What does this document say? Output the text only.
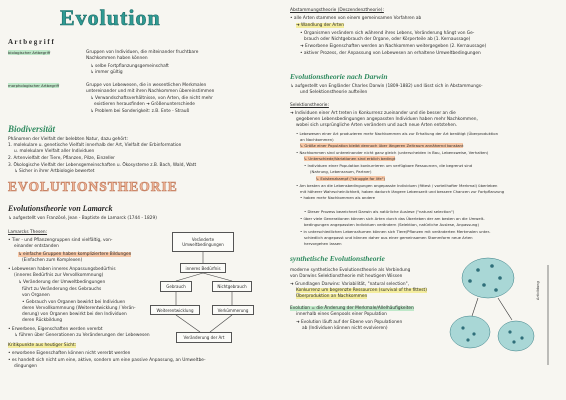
Evolution
A r t b e g r i f f
biologischer Artbegriff	Gruppen von Individuen, die miteinander fruchtbare
Nachkommen haben können
↳ selbe Fortpflanzungsgemeinschaft
↳ immer gültig
morphologischer Artbegriff	Gruppe von Lebewesen, die in wesentlichen Merkmalen
untereinander und mit ihren Nachkommen übereinstimmen
↳ Verwandschaftsverhältnisse, von Arten, die nicht mehr
existieren herausfinden ➜ Größenunterschiede
↳ Problem bei Sonderigkeit: z.B. Ente - Strauß
Biodiversität
Phänomen der Vielfalt der belebten Natur, dazu gehört:
1. molekulare u. genetische Vielfalt innerhalb der Art, Vielfalt der Erbinformation
u. molekulare Vielfalt aller Individuen
2. Artenvielfalt der Tiere, Pflanzen, Pilze, Einzeller
3. Ökologische Vielfalt der Lebensgemeinschaften u. Ökosysteme z.B. Bach, Wald, Watt
↳ Sicher in ihrer Artbiologie bewertet
EVOLUTIONSTHEORIE
Evolutionstheorie von Lamarck
↳ aufgestellt von Französé, Jean - Baptiste de Lamarck (1744 - 1829)
Lamarcks Thesen:
• Tier - und Pflanzengruppen sind vielfältig, von-
einander entstanden
↳ einfache Gruppen haben kompliziertere Bildungen
(Einfachen zum Komplexen)
• Lebewesen haben inneres Anpassungsbedürfnis
(inneres Bedürfnis zur Vervollkommnung)
↳ Veränderung der Umweltbedingungen
führt zu Veränderung des Gebrauchs
von Organen
• Gebrauch von Organen bewirkt bei Individuen
deren Vervollkommnung (Weiterentwicklung / Verän-
derung) von Organen bewirkt bei den Individuen
deren Rückbildung
• Erwerbene, Eigenschaften werden vererbt
↳ führen über Generationen zu Veränderungen der Lebewesen
Kritikpunkte aus heutiger Sicht:
• erworbene Eigenschaften können nicht vererbt werden
• es handelt sich nicht um eine, aktive, sondern um eine passive Anpassung, an Umweltbe-
dingungen
Veränderte Umweltbedingungen
inneres Bedürfnis
Gebrauch	Nichtgebrauch
Weiterentwicklung	Verkümmerung
Veränderung der Art
Abstammungstheorie (Deszendenztheorie):
• alle Arten stammen von einem gemeinsamen Vorfahren ab
➜ Wandlung der Arten
• Organismen verändern sich während ihres Lebens, Veränderung hängt von Ge-
brauch oder Nichtgebrauch der Organe, oder Körperteile ab (1. Kernaussage)
➜ Erworbene Eigenschaften werden an Nachkommen weitergegeben (2. Kernaussage)
• aktiver Prozess, der Anpassung von Lebewesen an erhaltene Umweltbedingungen
Evolutionstheorie nach Darwin
↳ aufgestellt von Engländer Charles Darwin (1809-1882) und lässt sich in Abstammungs-
und Selektionstheorie aufteilen
Selektionstheorie:
➜ Individuen einer Art treten in Konkurrenz zueinander und die besser an die
gegebenen Lebensbedingungen angepassten Individuen haben mehr Nachkommen,
wobei sich ursprüngliche Arten verändern und auch neue Arten entstehen.
• Lebewesen einer Art produzieren mehr Nachkommen als zur Erhaltung der Art benötigt (Überproduktion
an Nachkommen)
↳ Größe einer Population bleibt dennoch über längeren Zeitraum annähernd konstant
• Nachkommen sind untereinander nicht ganz gleich (unterscheiden in Bau, Lebensweise, Verhalten)
↳ Unterschiede/Variationen sind erblich bedingt
• Individuen einer Population konkurrieren um verfügbare Ressourcen, die begrenzt sind
(Nahrung, Lebensraum, Partner)
↳ Existenzkampf ("struggle for life")
• Am besten an die Lebensbedingungen angepasste Individuen (fittest / vorteilhafter Merkmal) überleben
mit höherer Wahrscheinlichkeit, haben dadurch längere Lebenszeit und bessere Chancen zur Fortpflanzung
• haben mehr Nachkommen als andere
• Dieser Prozess bezeichnet Darwin als natürliche Auslese ("natural selection")
• über viele Generationen können sich Arten durch das Überleben der am besten an die Umwelt-
bedingungen angepassten Individuen verändern (Selektion, natürliche Auslese, Anpassung)
• in unterschiedlichen Lebensräumen können sich Tiere/Pflanzen mit veränderten Merkmalen unter-
schiedlich angepasst und können daher aus einer gemeinsamen Stammform neue Arten
hervorgehen lassen
synthetische Evolutionstheorie
moderne synthetische Evolutionstheorie als Verbindung
von Darwins Selektionstheorie mit heutigem Wissen
➜ Grundlagen Darwins: Variabilität, "natural selection",
Konkurrenz um begrenzte Ressourcen (survival of the fittest)
Überproduktion an Nachkommen
Evolution = die Änderung der Merkmale/Allelhäufigkeiten
innerhalb eines Genpools einer Population
➜ Evolution läuft auf der Ebene von Populationen
ab (Individuen können nicht evolvieren)
Artbildung
